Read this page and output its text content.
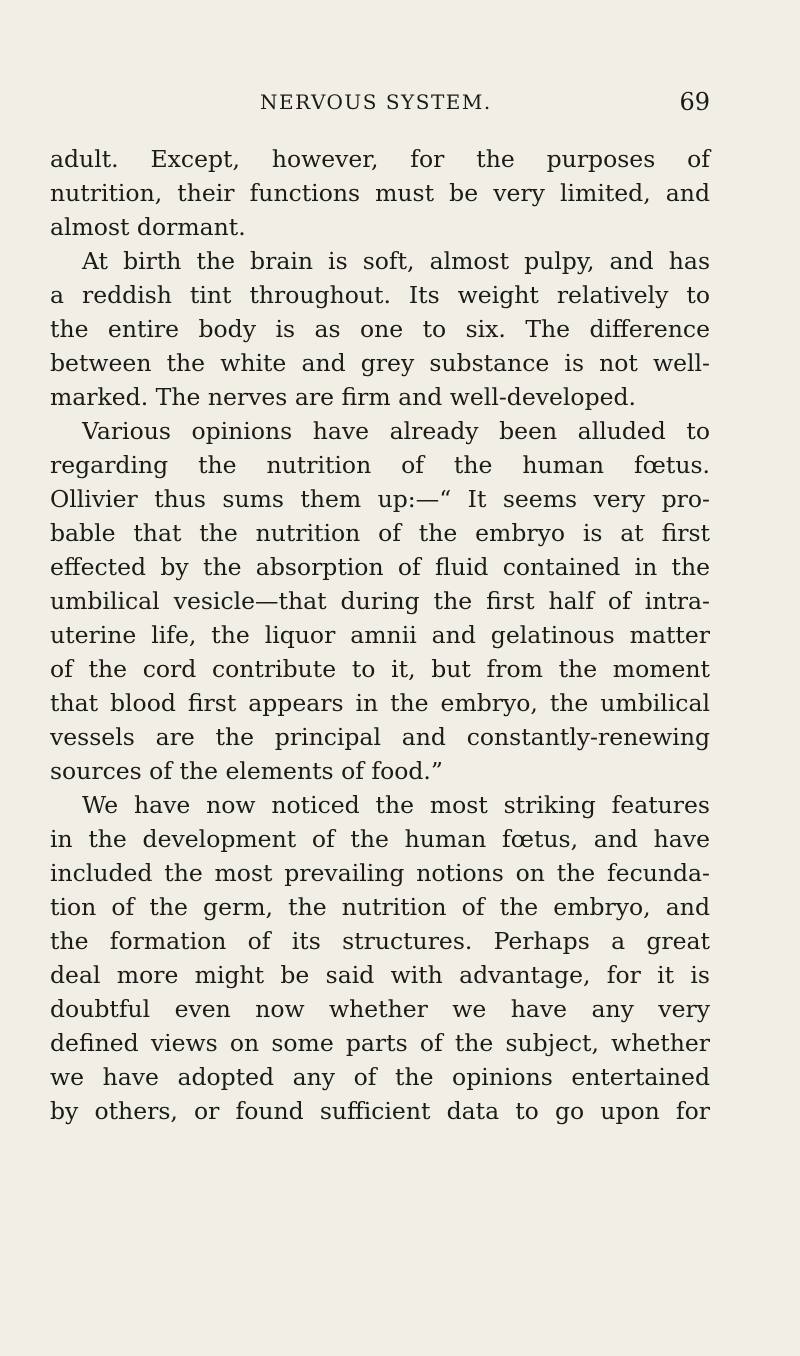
NERVOUS SYSTEM.	69
adult. Except, however, for the purposes of
nutrition, their functions must be very limited, and
almost dormant.
At birth the brain is soft, almost pulpy, and has
a reddish tint throughout. Its weight relatively to
the entire body is as one to six. The difference
between the white and grey substance is not well-
marked. The nerves are firm and well-developed.
Various opinions have already been alluded to
regarding the nutrition of the human fœtus.
Ollivier thus sums them up:—“ It seems very pro-
bable that the nutrition of the embryo is at first
effected by the absorption of fluid contained in the
umbilical vesicle—that during the first half of intra-
uterine life, the liquor amnii and gelatinous matter
of the cord contribute to it, but from the moment
that blood first appears in the embryo, the umbilical
vessels are the principal and constantly-renewing
sources of the elements of food.”
We have now noticed the most striking features
in the development of the human fœtus, and have
included the most prevailing notions on the fecunda-
tion of the germ, the nutrition of the embryo, and
the formation of its structures. Perhaps a great
deal more might be said with advantage, for it is
doubtful even now whether we have any very
defined views on some parts of the subject, whether
we have adopted any of the opinions entertained
by others, or found sufficient data to go upon for
